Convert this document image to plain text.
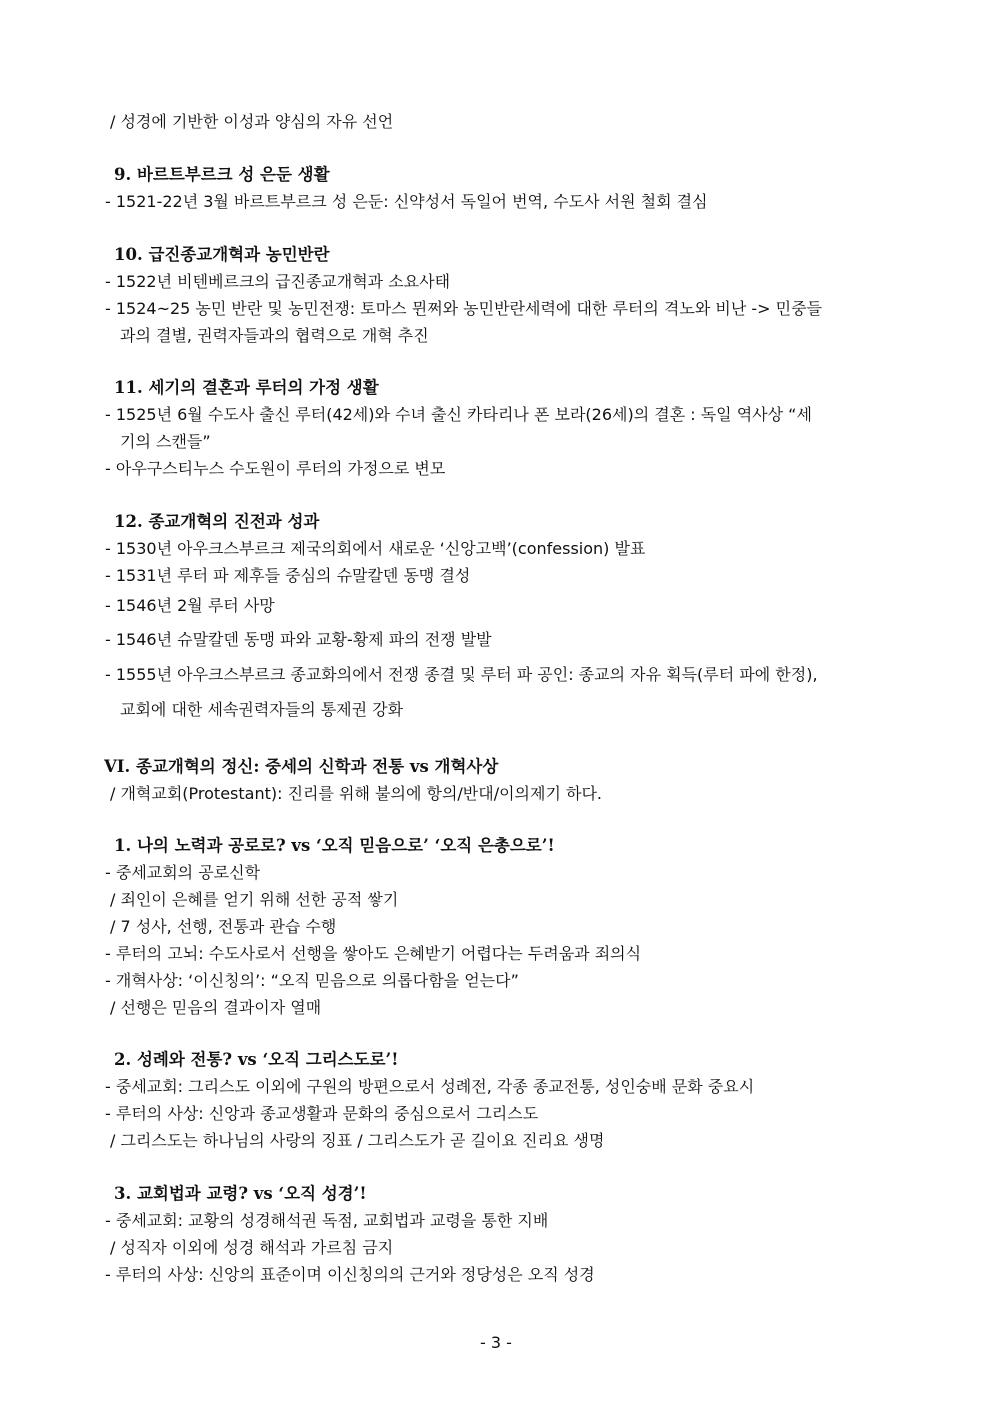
/ 성경에 기반한 이성과 양심의 자유 선언
9. 바르트부르크 성 은둔 생활
- 1521-22년 3월 바르트부르크 성 은둔: 신약성서 독일어 번역, 수도사 서원 철회 결심
10. 급진종교개혁과 농민반란
- 1522년 비텐베르크의 급진종교개혁과 소요사태
- 1524~25 농민 반란 및 농민전쟁: 토마스 뮌쩌와 농민반란세력에 대한 루터의 격노와 비난 -> 민중들
과의 결별, 권력자들과의 협력으로 개혁 추진
11. 세기의 결혼과 루터의 가정 생활
- 1525년 6월 수도사 출신 루터(42세)와 수녀 출신 카타리나 폰 보라(26세)의 결혼 : 독일 역사상 “세
기의 스캔들”
- 아우구스티누스 수도원이 루터의 가정으로 변모
12. 종교개혁의 진전과 성과
- 1530년 아우크스부르크 제국의회에서 새로운 ‘신앙고백’(confession) 발표
- 1531년 루터 파 제후들 중심의 슈말칼덴 동맹 결성
- 1546년 2월 루터 사망
- 1546년 슈말칼덴 동맹 파와 교황-황제 파의 전쟁 발발
- 1555년 아우크스부르크 종교화의에서 전쟁 종결 및 루터 파 공인: 종교의 자유 획득(루터 파에 한정),
교회에 대한 세속권력자들의 통제권 강화
VI. 종교개혁의 정신: 중세의 신학과 전통 vs 개혁사상
/ 개혁교회(Protestant): 진리를 위해 불의에 항의/반대/이의제기 하다.
1. 나의 노력과 공로로? vs ‘오직 믿음으로’ ‘오직 은총으로’!
- 중세교회의 공로신학
/ 죄인이 은혜를 얻기 위해 선한 공적 쌓기
/ 7 성사, 선행, 전통과 관습 수행
- 루터의 고뇌: 수도사로서 선행을 쌓아도 은혜받기 어렵다는 두려움과 죄의식
- 개혁사상: ‘이신칭의’: “오직 믿음으로 의롭다함을 얻는다”
/ 선행은 믿음의 결과이자 열매
2. 성례와 전통? vs ‘오직 그리스도로’!
- 중세교회: 그리스도 이외에 구원의 방편으로서 성례전, 각종 종교전통, 성인숭배 문화 중요시
- 루터의 사상: 신앙과 종교생활과 문화의 중심으로서 그리스도
/ 그리스도는 하나님의 사랑의 징표 / 그리스도가 곧 길이요 진리요 생명
3. 교회법과 교령? vs ‘오직 성경’!
- 중세교회: 교황의 성경해석권 독점, 교회법과 교령을 통한 지배
/ 성직자 이외에 성경 해석과 가르침 금지
- 루터의 사상: 신앙의 표준이며 이신칭의의 근거와 정당성은 오직 성경
- 3 -
